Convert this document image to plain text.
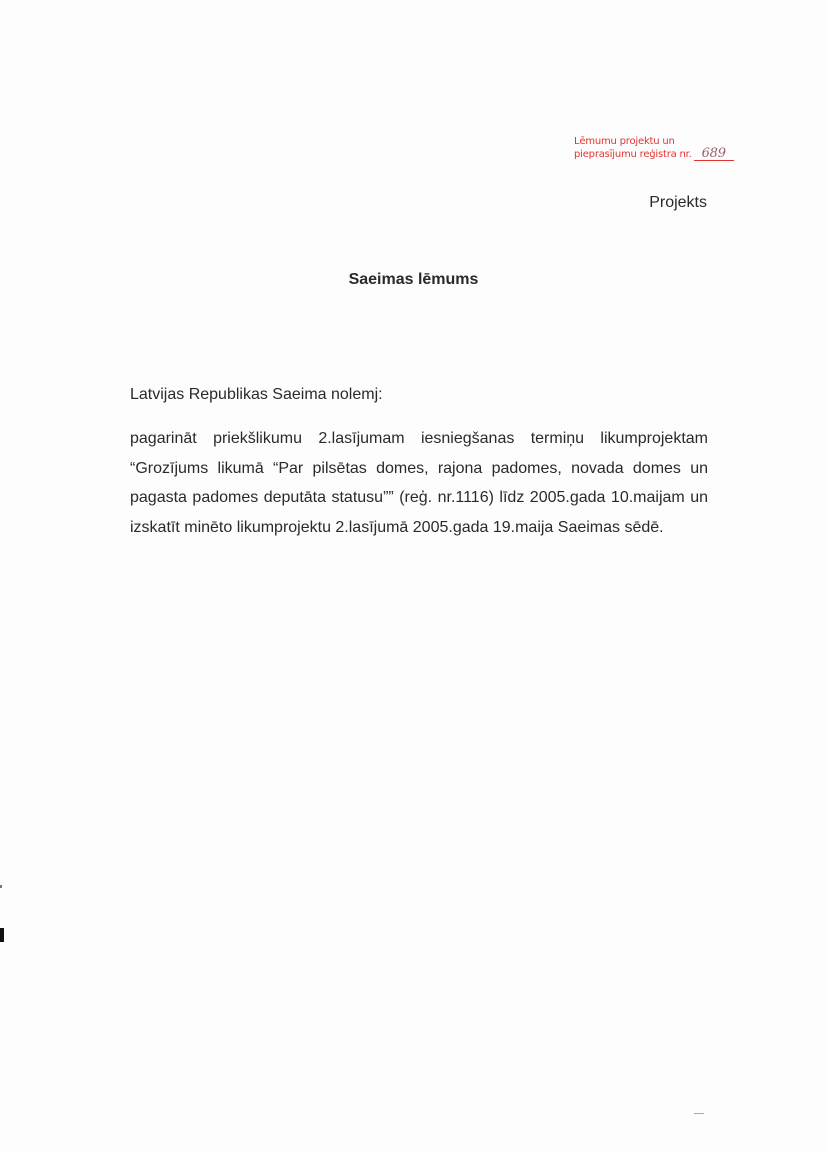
Lēmumu projektu un
pieprasījumu reģistra nr. 689
Projekts
Saeimas lēmums
Latvijas Republikas Saeima nolemj:
pagarināt priekšlikumu 2.lasījumam iesniegšanas termiņu likumprojektam “Grozījums likumā “Par pilsētas domes, rajona padomes, novada domes un pagasta padomes deputāta statusu”” (reģ. nr.1116) līdz 2005.gada 10.maijam un izskatīt minēto likumprojektu 2.lasījumā 2005.gada 19.maija Saeimas sēdē.
